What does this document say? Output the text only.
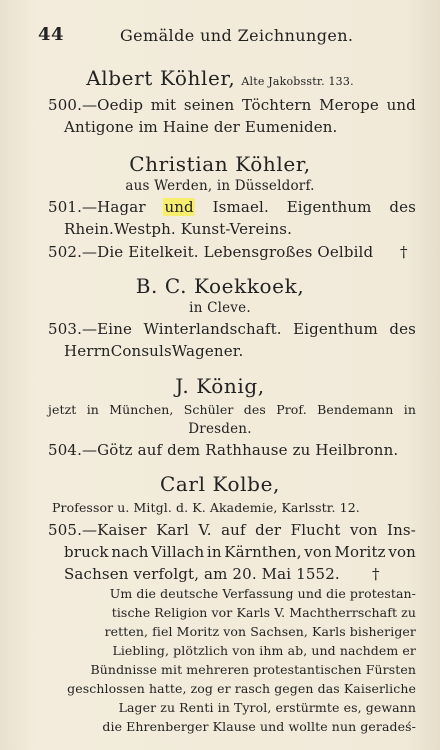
44	Gemälde und Zeichnungen.
Albert Köhler, Alte Jakobsstr. 133.
500.—Oedip mit seinen Töchtern Merope und
Antigone im Haine der Eumeniden.
Christian Köhler,
aus Werden, in Düsseldorf.
501.—Hagar und Ismael. Eigenthum des
Rhein.Westph. Kunst-Vereins.
502.—Die Eitelkeit. Lebensgroßes Oelbild †
B. C. Koekkoek,
in Cleve.
503.—Eine Winterlandschaft. Eigenthum des
Herrn Consuls Wagener.
J. König,
jetzt in München, Schüler des Prof. Bendemann in
Dresden.
504.—Götz auf dem Rathhause zu Heilbronn.
Carl Kolbe,
Professor u. Mitgl. d. K. Akademie, Karlsstr. 12.
505.—Kaiser Karl V. auf der Flucht von Ins-
bruck nach Villach in Kärnthen, von Moritz von
Sachsen verfolgt, am 20. Mai 1552. †
Um die deutsche Verfassung und die protestan-
tische Religion vor Karls V. Machtherrschaft zu
retten, fiel Moritz von Sachsen, Karls bisheriger
Liebling, plötzlich von ihm ab, und nachdem er
Bündnisse mit mehreren protestantischen Fürsten
geschlossen hatte, zog er rasch gegen das Kaiserliche
Lager zu Renti in Tyrol, erstürmte es, gewann
die Ehrenberger Klause und wollte nun geradeś-
